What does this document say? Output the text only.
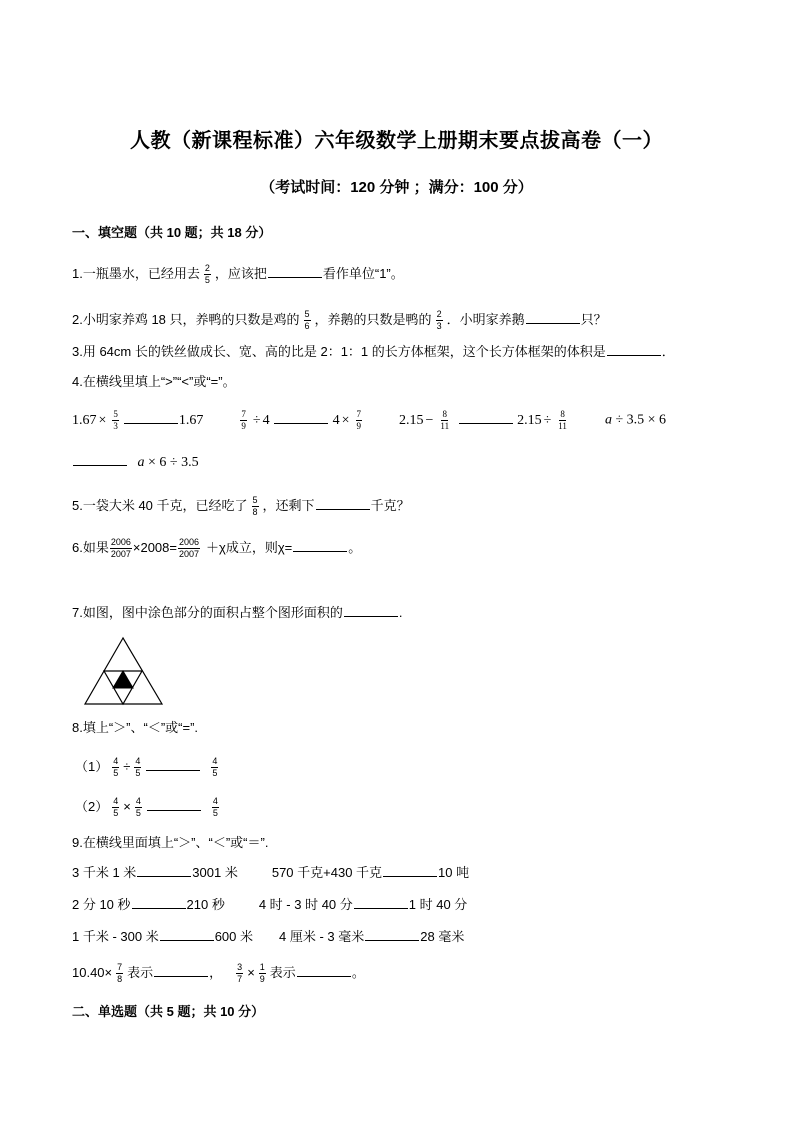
人教（新课程标准）六年级数学上册期末要点拔高卷（一）
（考试时间：120 分钟 ；满分：100 分）
一、填空题（共 10 题；共 18 分）
1.一瓶墨水，已经用去 $\frac{2}{5}$ ，应该把	看作单位“1”。
2.小明家养鸡 18 只，养鸭的只数是鸡的 $\frac{5}{6}$ ，养鹅的只数是鸭的 $\frac{2}{3}$ ．小明家养鹅	只？
3.用 64cm 长的铁丝做成长、宽、高的比是 2：1：1 的长方体框架，这个长方体框架的体积是	．
4.在横线里填上“>”“<”或“=”。
$1.67 \times \frac{5}{3}$	1.67	$\frac{7}{9} \div 4$	$4 \times \frac{7}{9}$	$2.15 - \frac{8}{11}$	$2.15 \div \frac{8}{11}$	a ÷ 3.5 × 6
a × 6 ÷ 3.5
5.一袋大米 40 千克，已经吃了 $\frac{5}{8}$ ，还剩下	千克？
6.如果 $\frac{2006}{2007} \times 2008= \frac{2006}{2007} +\chi$成立，则χ=	。
7.如图，图中涂色部分的面积占整个图形面积的	.
8.填上“＞”、“＜”或“=”.
$(1) \frac{4}{5} \div \frac{4}{5}$	$\frac{4}{5}$
$(2) \frac{4}{5} \times \frac{4}{5}$	$\frac{4}{5}$
9.在横线里面填上“＞”、“＜”或“＝”.
3 千米 1 米	3001 米	570 千克+430 千克	10 吨
2 分 10 秒	210 秒	4 时 - 3 时 40 分	1 时 40 分
1 千米 - 300 米	600 米 4 厘米 - 3 毫米	28 毫米
$10.40\times \frac{7}{8}$ 表示	， $\frac{3}{7} \times \frac{1}{9}$ 表示	。
二、单选题（共 5 题；共 10 分）
